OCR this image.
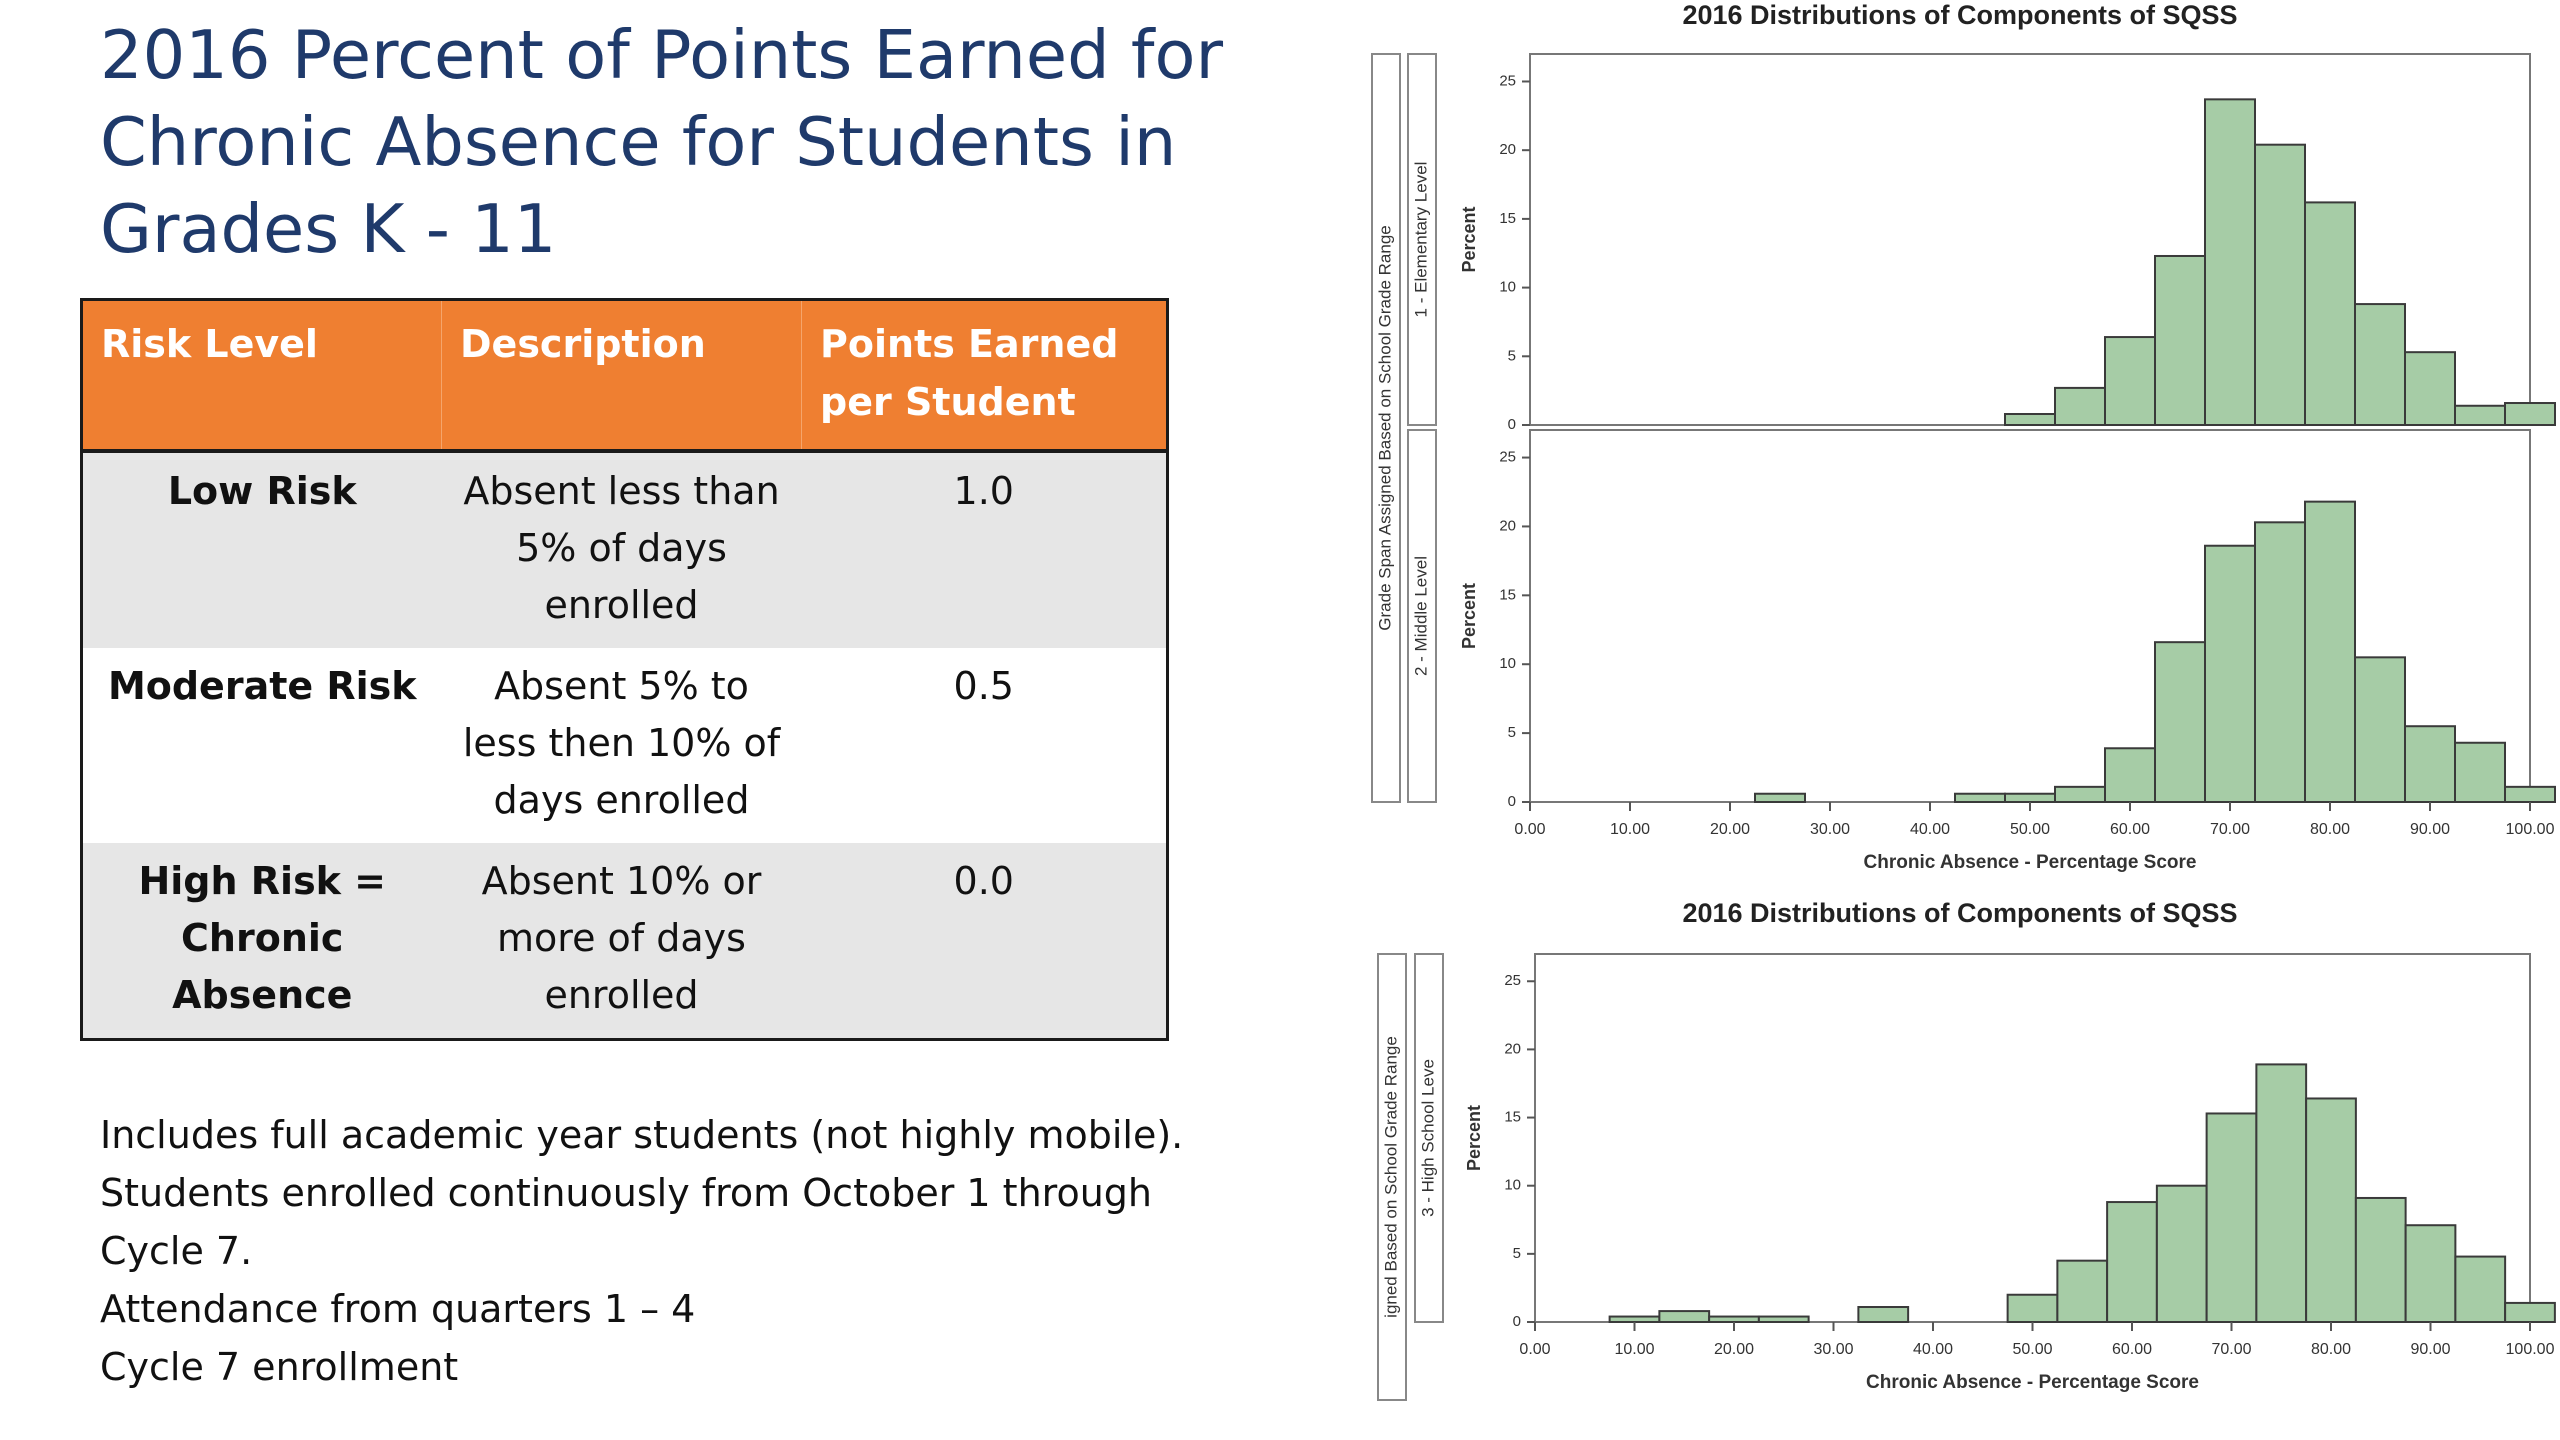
2016 Percent of Points Earned for Chronic Absence for Students in Grades K - 11
Risk Level	Description	Points Earned per Student
Low Risk	Absent less than 5% of days enrolled	1.0
Moderate Risk	Absent 5% to less then 10% of days enrolled	0.5
High Risk = Chronic Absence	Absent 10% or more of days enrolled	0.0
Includes full academic year students (not highly mobile).
Students enrolled continuously from October 1 through Cycle 7.
Attendance from quarters 1 – 4
Cycle 7 enrollment
2016 Distributions of Components of SQSS
Grade Span Assigned Based on School Grade Range 1 - Elementary Level Percent
0
5
10
15
20
25
2 - Middle Level Percent
0
5
10
15
20
25
0.00	10.00	20.00	30.00	40.00	50.00	60.00	70.00	80.00	90.00	100.00
Chronic Absence - Percentage Score
2016 Distributions of Components of SQSS
igned Based on School Grade Range 3 - High School Leve Percent
0
5
10
15
20
25
0.00	10.00	20.00	30.00	40.00	50.00	60.00	70.00	80.00	90.00	100.00
Chronic Absence - Percentage Score
